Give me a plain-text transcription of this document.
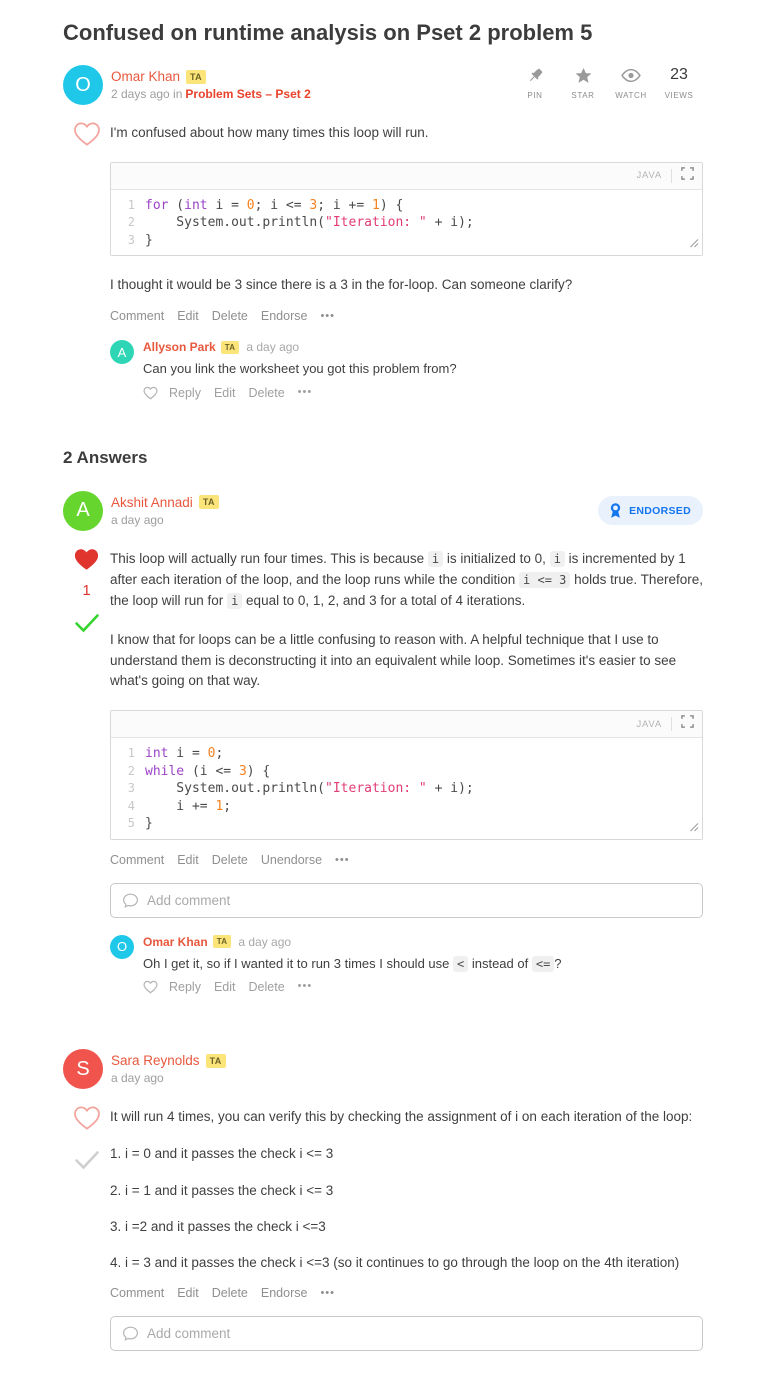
Confused on runtime analysis on Pset 2 problem 5
O	Omar Khan	TA
2 days ago in Problem Sets – Pset 2	PIN	STAR	WATCH
23
VIEWS

I'm confused about how many times this loop will run.

JAVA
1 for (int i = 0; i <= 3; i += 1) {
2 System.out.println("Iteration: " + i);
3 }

I thought it would be 3 since there is a 3 in the for-loop. Can someone clarify?

Comment Edit Delete Endorse •••
A	Allyson Park	TA a day ago
Can you link the worksheet you got this problem from?
Reply Edit Delete •••
2 Answers
A	Akshit Annadi	TA
a day ago
ENDORSED
1

This loop will actually run four times. This is because i is initialized to 0, i is incremented by 1 after each iteration of the loop, and the loop runs while the condition i <= 3 holds true. Therefore, the loop will run for i equal to 0, 1, 2, and 3 for a total of 4 iterations.

I know that for loops can be a little confusing to reason with. A helpful technique that I use to understand them is deconstructing it into an equivalent while loop. Sometimes it's easier to see what's going on that way.

JAVA
1 int i = 0;
2 while (i <= 3) {
3 System.out.println("Iteration: " + i);
4 i += 1;
5 }
Comment Edit Delete Unendorse •••
Add comment
O	Omar Khan	TA a day ago
Oh I get it, so if I wanted it to run 3 times I should use < instead of <= ?
Reply Edit Delete •••
S	Sara Reynolds	TA
a day ago

It will run 4 times, you can verify this by checking the assignment of i on each iteration of the loop:

1. i = 0 and it passes the check i <= 3

2. i = 1 and it passes the check i <= 3

3. i =2 and it passes the check i <=3

4. i = 3 and it passes the check i <=3 (so it continues to go through the loop on the 4th iteration)

Comment Edit Delete Endorse •••
Add comment
